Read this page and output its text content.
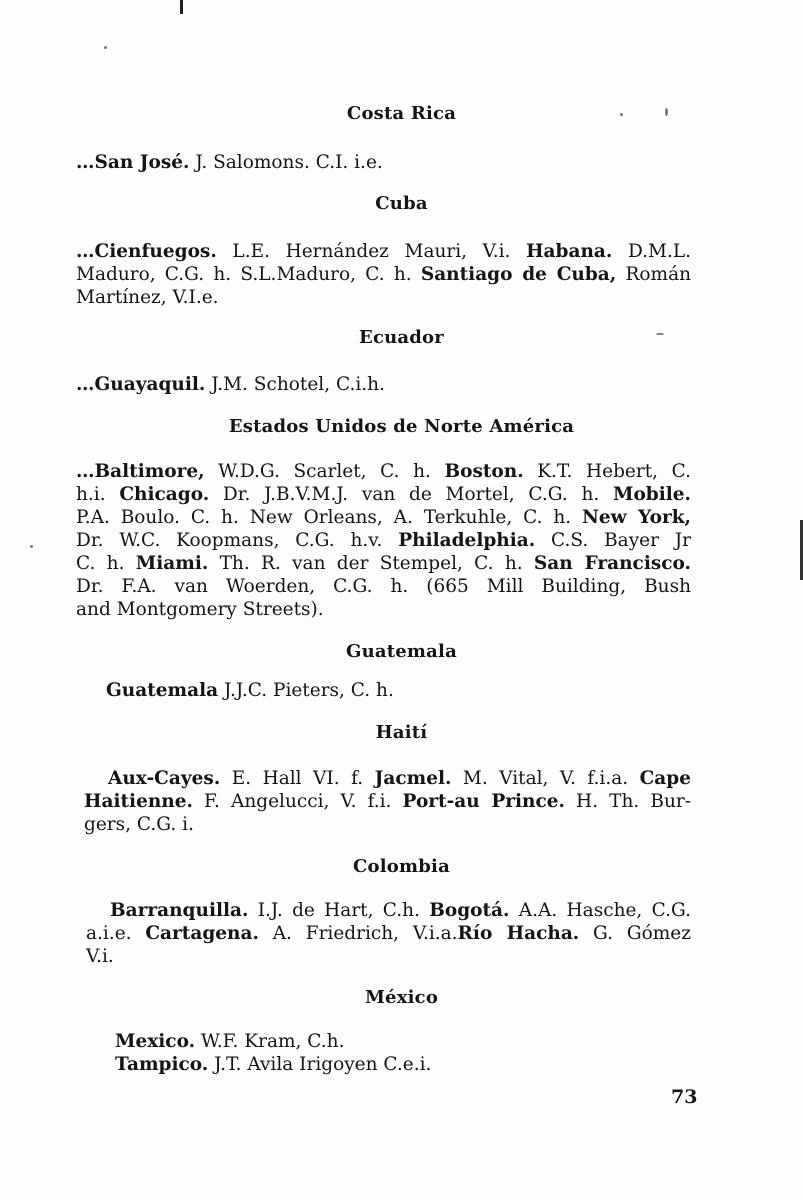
Costa Rica
…San José. J. Salomons. C.I. i.e.
Cuba
…Cienfuegos. L.E. Hernández Mauri, V.i. Habana. D.M.L.
Maduro, C.G. h. S.L.Maduro, C. h. Santiago de Cuba, Román
Martínez, V.I.e.
Ecuador
…Guayaquil. J.M. Schotel, C.i.h.
Estados Unidos de Norte América
…Baltimore, W.D.G. Scarlet, C. h. Boston. K.T. Hebert, C.
h.i. Chicago. Dr. J.B.V.M.J. van de Mortel, C.G. h. Mobile.
P.A. Boulo. C. h. New Orleans, A. Terkuhle, C. h. New York,
Dr. W.C. Koopmans, C.G. h.v. Philadelphia. C.S. Bayer Jr
C. h. Miami. Th. R. van der Stempel, C. h. San Francisco.
Dr. F.A. van Woerden, C.G. h. (665 Mill Building, Bush
and Montgomery Streets).
Guatemala
Guatemala J.J.C. Pieters, C. h.
Haití
Aux-Cayes. E. Hall VI. f. Jacmel. M. Vital, V. f.i.a. Cape
Haitienne. F. Angelucci, V. f.i. Port-au Prince. H. Th. Bur-
gers, C.G. i.
Colombia
Barranquilla. I.J. de Hart, C.h. Bogotá. A.A. Hasche, C.G.
a.i.e. Cartagena. A. Friedrich, V.i.a.Río Hacha. G. Gómez
V.i.
México
Mexico. W.F. Kram, C.h.
Tampico. J.T. Avila Irigoyen C.e.i.
73
